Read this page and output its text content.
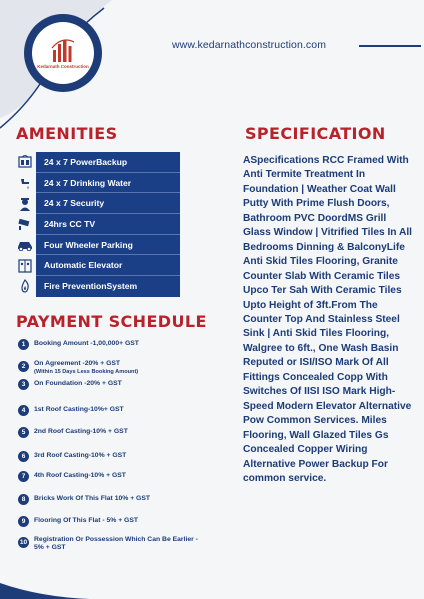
Kedarnath Construction
www.kedarnathconstruction.com
AMENITIES
24 x 7 PowerBackup
24 x 7 Drinking Water
24 x 7 Security
24hrs CC TV
Four Wheeler Parking
Automatic Elevator
Fire PreventionSystem
SPECIFICATION
ASpecifications RCC Framed With Anti Termite Treatment In Foundation | Weather Coat Wall Putty With Prime Flush Doors, Bathroom PVC DoordMS Grill Glass Window | Vitrified Tiles In All Bedrooms Dinning & BalconyLife Anti Skid Tiles Flooring, Granite Counter Slab With Ceramic Tiles Upco Ter Sah With Ceramic Tiles Upto Height of 3ft.From The Counter Top And Stainless Steel Sink | Anti Skid Tiles Flooring, Walgree to 6ft., One Wash Basin Reputed or ISI/ISO Mark Of All Fittings Concealed Copp With Switches Of IISI ISO Mark High-Speed Modern Elevator Alternative Pow Common Services. Miles Flooring, Wall Glazed Tiles Gs Concealed Copper Wiring Alternative Power Backup For common service.
PAYMENT SCHEDULE
1	Booking Amount -1,00,000+ GST
2	On Agreement -20% + GST
(Within 15 Days Less Booking Amount)
3	On Foundation -20% + GST
4	1st Roof Casting-10%+ GST
5	2nd Roof Casting-10% + GST
6	3rd Roof Casting-10% + GST
7	4th Roof Casting-10% + GST
8	Bricks Work Of This Flat 10% + GST
9	Flooring Of This Flat - 5% + GST
10 Registration Or Possession Which Can Be Earlier -
5% + GST
